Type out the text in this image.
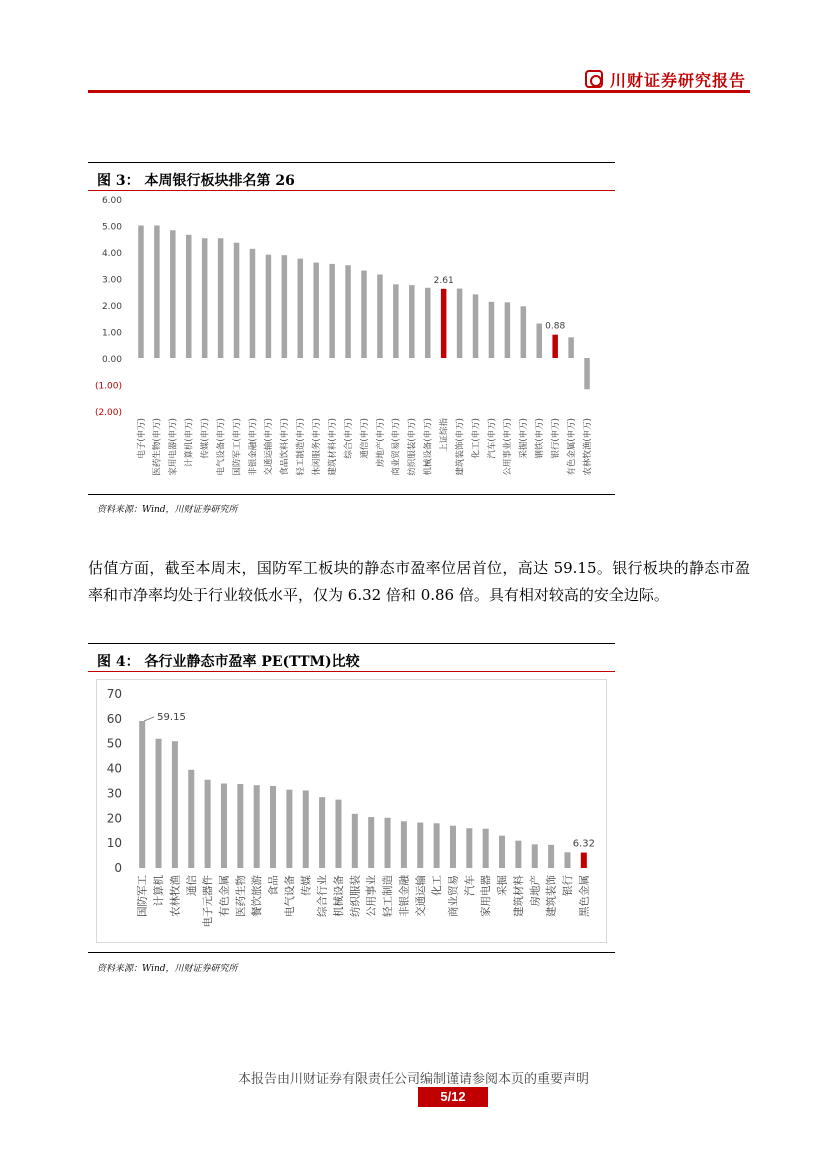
川财证券研究报告
图 3： 本周银行板块排名第 26
6.00
5.00
4.00
3.00
2.00
1.00
0.00
(1.00)
(2.00)
电子(申万) 医药生物(申万) 家用电器(申万) 计算机(申万) 传媒(申万) 电气设备(申万) 国防军工(申万) 非银金融(申万) 交通运输(申万) 食品饮料(申万) 轻工制造(申万) 休闲服务(申万) 建筑材料(申万) 综合(申万) 通信(申万) 房地产(申万) 商业贸易(申万) 纺织服装(申万) 机械设备(申万)
2.61
上证综指 建筑装饰(申万) 化工(申万) 汽车(申万) 公用事业(申万) 采掘(申万) 钢铁(申万)
0.88
银行(申万) 有色金属(申万) 农林牧渔(申万)
资料来源：Wind，川财证券研究所
估值方面，截至本周末，国防军工板块的静态市盈率位居首位，高达 59.15。银行板块的静态市盈率和市净率均处于行业较低水平，仅为 6.32 倍和 0.86 倍。具有相对较高的安全边际。
图 4： 各行业静态市盈率 PE(TTM)比较
70
60
50
40
30
20
10
0
59.15
国防军工 计算机 农林牧渔 通信 电子元器件 有色金属 医药生物 餐饮旅游 食品 电气设备 传媒 综合行业 机械设备 纺织服装 公用事业 轻工制造 非银金融 交通运输 化工 商业贸易 汽车 家用电器 采掘 建筑材料 房地产 建筑装饰 银行
6.32
黑色金属
资料来源：Wind，川财证券研究所
本报告由川财证券有限责任公司编制谨请参阅本页的重要声明
5/12
